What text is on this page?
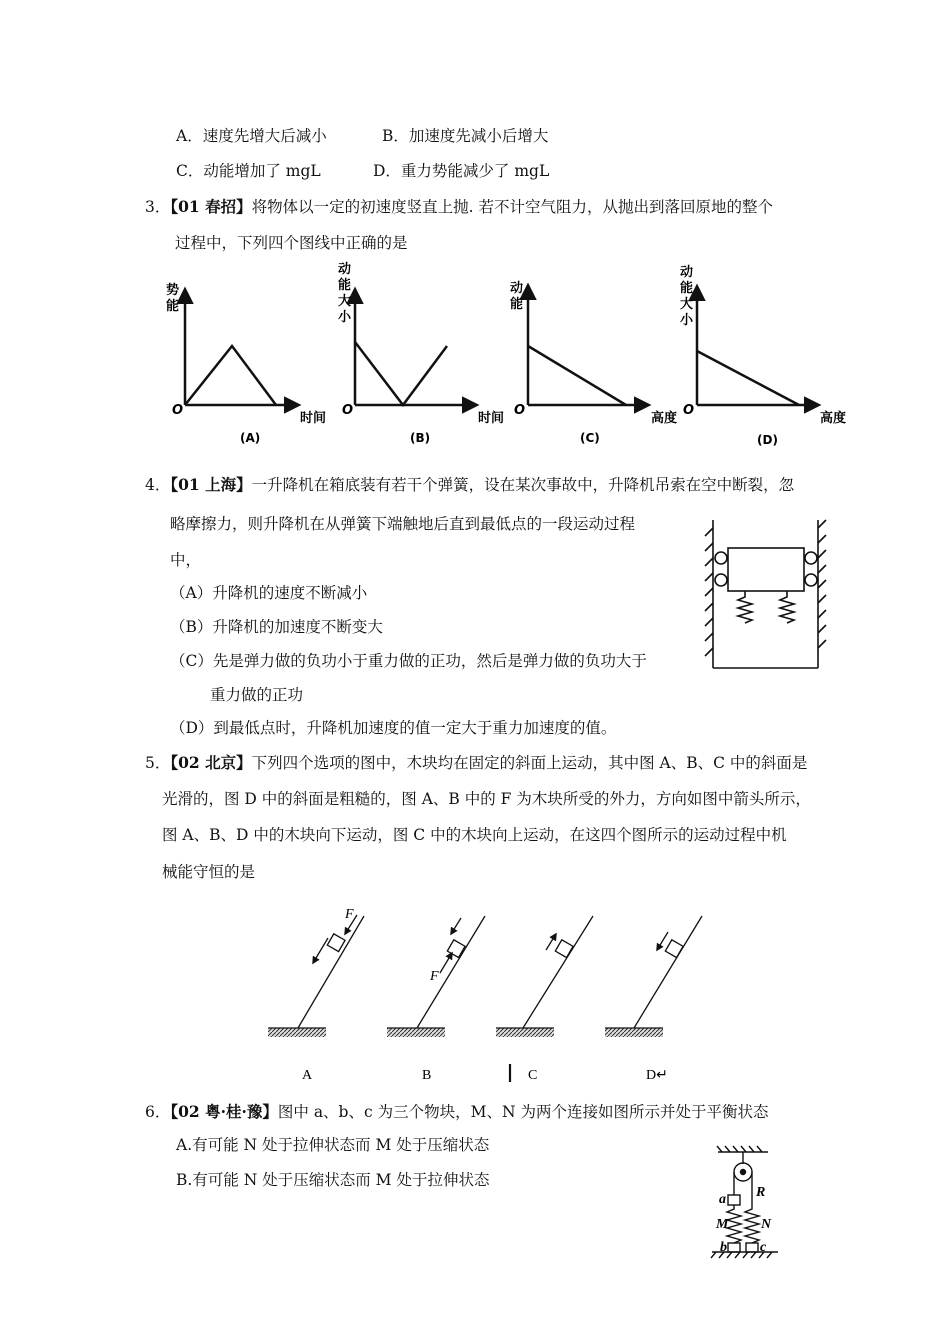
A．速度先增大后减小	B．加速度先减小后增大
C．动能增加了 mgL	D．重力势能减少了 mgL
3．【01 春招】将物体以一定的初速度竖直上抛. 若不计空气阻力，从抛出到落回原地的整个
过程中，下列四个图线中正确的是
势
能
时间
O
(A)
动
能
大
小
时间
O
(B)
动
能
高度
O
(C)
动
能
大
小
高度
O
(D)
4．【01 上海】一升降机在箱底装有若干个弹簧，设在某次事故中，升降机吊索在空中断裂，忽
略摩擦力，则升降机在从弹簧下端触地后直到最低点的一段运动过程
中，
（A）升降机的速度不断减小
（B）升降机的加速度不断变大
（C）先是弹力做的负功小于重力做的正功，然后是弹力做的负功大于
重力做的正功
（D）到最低点时，升降机加速度的值一定大于重力加速度的值。
5．【02 北京】下列四个选项的图中，木块均在固定的斜面上运动，其中图 A、B、C 中的斜面是
光滑的，图 D 中的斜面是粗糙的，图 A、B 中的 F 为木块所受的外力，方向如图中箭头所示，
图 A、B、D 中的木块向下运动，图 C 中的木块向上运动，在这四个图所示的运动过程中机
械能守恒的是
F
F
A	B	C	D↵
6．【02 粤·桂·豫】图中 a、b、c 为三个物块，M、N 为两个连接如图所示并处于平衡状态
A.有可能 N 处于拉伸状态而 M 处于压缩状态
B.有可能 N 处于压缩状态而 M 处于拉伸状态
a R
M N
b c
